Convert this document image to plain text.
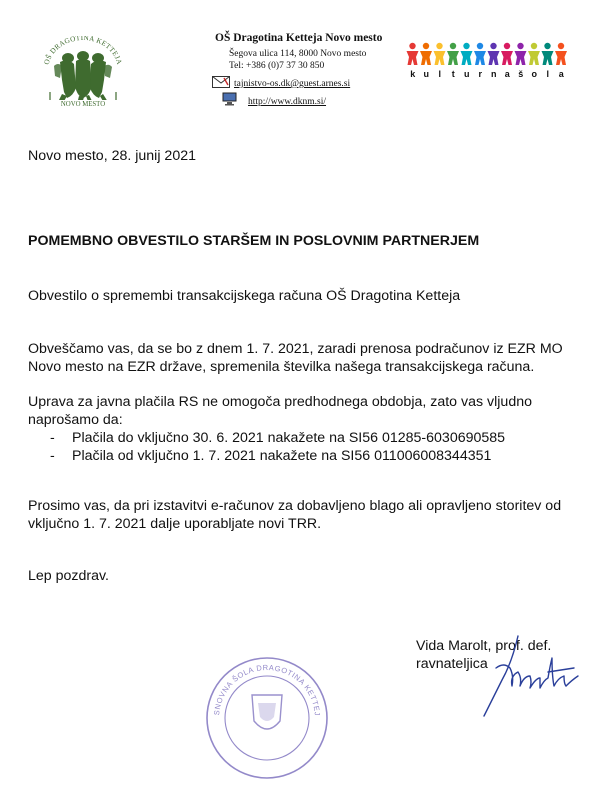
OŠ DRAGOTINA KETTEJA
NOVO MESTO
OŠ Dragotina Ketteja Novo mesto
Šegova ulica 114, 8000 Novo mesto
Tel: +386 (0)7 37 30 850
tajnistvo-os.dk@guest.arnes.si
http://www.dknm.si/
k u	l	t	u r	n a š o	l	a
Novo mesto, 28. junij 2021
POMEMBNO OBVESTILO STARŠEM IN POSLOVNIM PARTNERJEM
Obvestilo o spremembi transakcijskega računa OŠ Dragotina Ketteja
Obveščamo vas, da se bo z dnem 1. 7. 2021, zaradi prenosa podračunov iz EZR MO
Novo mesto na EZR države, spremenila številka našega transakcijskega računa.
Uprava za javna plačila RS ne omogoča predhodnega obdobja, zato vas vljudno
naprošamo da:
- Plačila do vključno 30. 6. 2021 nakažete na SI56 01285-6030690585
- Plačila od vključno 1. 7. 2021 nakažete na SI56 011006008344351
Prosimo vas, da pri izstavitvi e-računov za dobavljeno blago ali opravljeno storitev od
vključno 1. 7. 2021 dalje uporabljate novi TRR.
Lep pozdrav.
SNOVNA ŠOLA DRAGOTINA KETTEJ
Vida Marolt, prof. def.
ravnateljica
